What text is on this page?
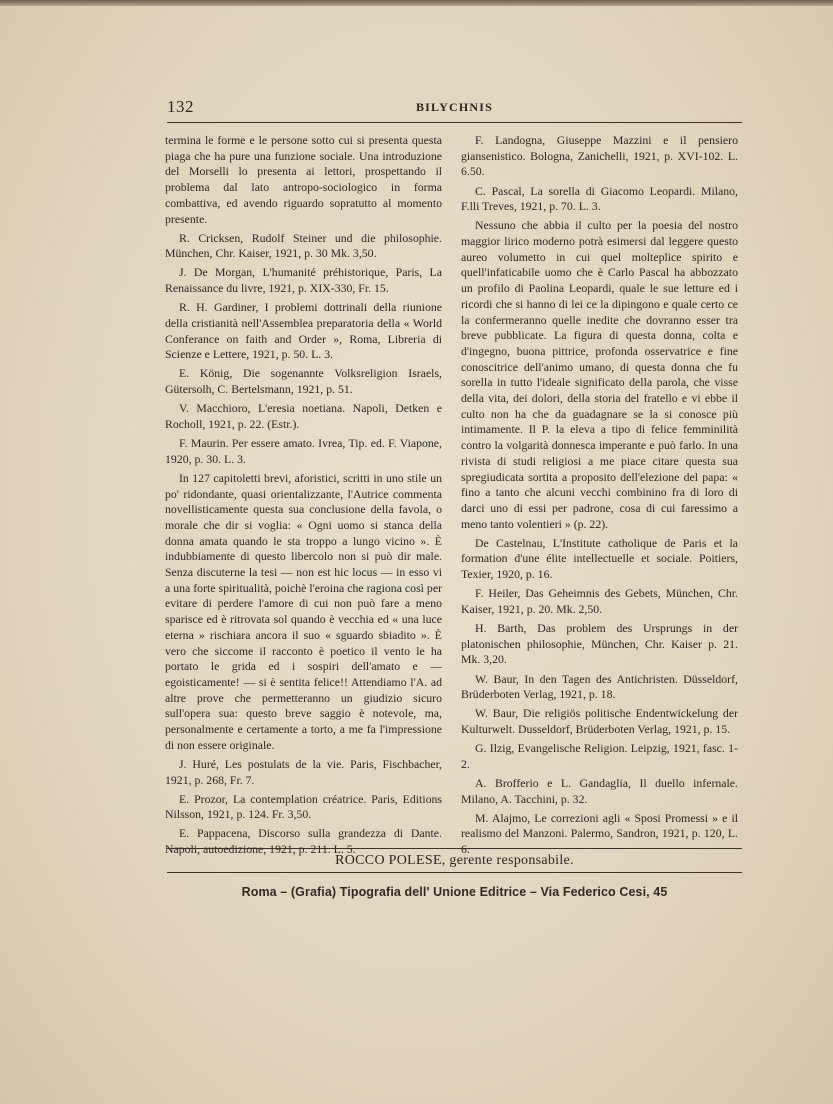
132	BILYCHNIS

termina le forme e le persone sotto cui si presenta questa piaga che ha pure una funzione sociale. Una introduzione del Morselli lo presenta ai lettori, prospettando il problema dal lato antropo-sociologico in forma combattiva, ed avendo riguardo sopratutto al momento presente.

R. Cricksen, Rudolf Steiner und die philosophie. München, Chr. Kaiser, 1921, p. 30 Mk. 3,50.

J. De Morgan, L'humanité préhistorique, Paris, La Renaissance du livre, 1921, p. XIX-330, Fr. 15.

R. H. Gardiner, I problemi dottrinali della riunione della cristianità nell'Assemblea preparatoria della « World Conferance on faith and Order », Roma, Libreria di Scienze e Lettere, 1921, p. 50. L. 3.

E. König, Die sogenannte Volksreligion Israels, Gütersolh, C. Bertelsmann, 1921, p. 51.

V. Macchioro, L'eresia noetiana. Napoli, Detken e Rocholl, 1921, p. 22. (Estr.).

F. Maurin. Per essere amato. Ivrea, Tip. ed. F. Viapone, 1920, p. 30. L. 3.

In 127 capitoletti brevi, aforistici, scritti in uno stile un po' ridondante, quasi orientalizzante, l'Autrice commenta novellisticamente questa sua conclusione della favola, o morale che dir si voglia: « Ogni uomo si stanca della donna amata quando le sta troppo a lungo vicino ». È indubbiamente di questo libercolo non si può dir male. Senza discuterne la tesi — non est hic locus — in esso vi a una forte spiritualità, poichè l'eroina che ragiona così per evitare di perdere l'amore di cui non può fare a meno sparisce ed è ritrovata sol quando è vecchia ed « una luce eterna » rischiara ancora il suo « sguardo sbiadito ». È vero che siccome il racconto è poetico il vento le ha portato le grida ed i sospiri dell'amato e — egoisticamente! — si è sentita felice!! Attendiamo l'A. ad altre prove che permetteranno un giudizio sicuro sull'opera sua: questo breve saggio è notevole, ma, personalmente e certamente a torto, a me fa l'impressione di non essere originale.

J. Huré, Les postulats de la vie. Paris, Fischbacher, 1921, p. 268, Fr. 7.

E. Prozor, La contemplation créatrice. Paris, Editions Nilsson, 1921, p. 124. Fr. 3,50.

E. Pappacena, Discorso sulla grandezza di Dante. Napoli, autoedizione, 1921, p. 211. L. 5.

F. Landogna, Giuseppe Mazzini e il pensiero giansenistico. Bologna, Zanichelli, 1921, p. XVI-102. L. 6.50.

C. Pascal, La sorella di Giacomo Leopardi. Milano, F.lli Treves, 1921, p. 70. L. 3.

Nessuno che abbia il culto per la poesia del nostro maggior lirico moderno potrà esimersi dal leggere questo aureo volumetto in cui quel molteplice spirito e quell'infaticabile uomo che è Carlo Pascal ha abbozzato un profilo di Paolina Leopardi, quale le sue letture ed i ricordi che si hanno di lei ce la dipingono e quale certo ce la confermeranno quelle inedite che dovranno esser tra breve pubblicate. La figura di questa donna, colta e d'ingegno, buona pittrice, profonda osservatrice e fine conoscitrice dell'animo umano, di questa donna che fu sorella in tutto l'ideale significato della parola, che visse della vita, dei dolori, della storia del fratello e vi ebbe il culto non ha che da guadagnare se la si conosce più intimamente. Il P. la eleva a tipo di felice femminilità contro la volgarità donnesca imperante e può farlo. In una rivista di studi religiosi a me piace citare questa sua spregiudicata sortita a proposito dell'elezione del papa: « fino a tanto che alcuni vecchi combinino fra di loro di darci uno di essi per padrone, cosa di cui faressimo a meno tanto volentieri » (p. 22).

De Castelnau, L'Institute catholique de Paris et la formation d'une élite intellectuelle et sociale. Poitiers, Texier, 1920, p. 16.

F. Heiler, Das Geheimnis des Gebets, München, Chr. Kaiser, 1921, p. 20. Mk. 2,50.

H. Barth, Das problem des Ursprungs in der platonischen philosophie, München, Chr. Kaiser p. 21. Mk. 3,20.

W. Baur, In den Tagen des Antichristen. Düsseldorf, Brüderboten Verlag, 1921, p. 18.

W. Baur, Die religiös politische Endentwickelung der Kulturwelt. Dusseldorf, Brüderboten Verlag, 1921, p. 15.

G. Ilzig, Evangelische Religion. Leipzig, 1921, fasc. 1-2.

A. Brofferio e L. Gandaglia, Il duello infernale. Milano, A. Tacchini, p. 32.

M. Alajmo, Le correzioni agli « Sposi Promessi » e il realismo del Manzoni. Palermo, Sandron, 1921, p. 120, L. 6.

ROCCO POLESE, gerente responsabile.
Roma – (Grafia) Tipografia dell' Unione Editrice – Via Federico Cesi, 45
